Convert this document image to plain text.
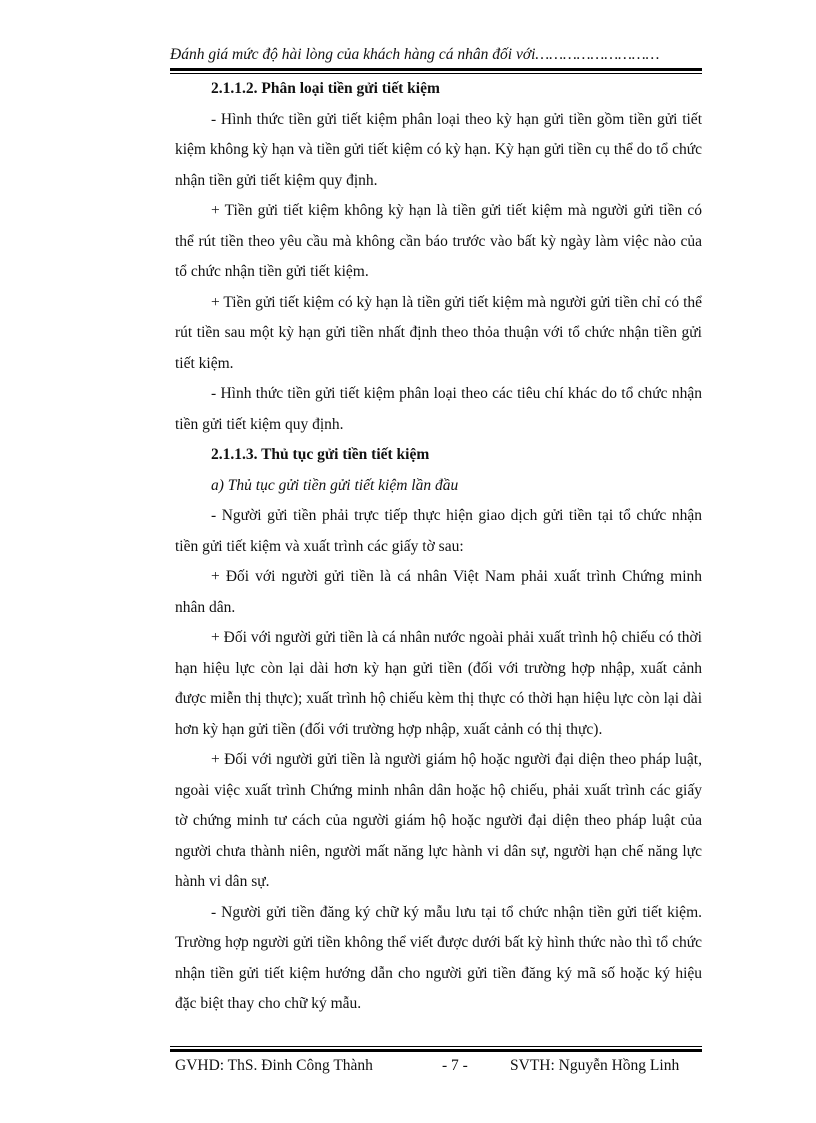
Đánh giá mức độ hài lòng của khách hàng cá nhân đối với………………………

2.1.1.2. Phân loại tiền gửi tiết kiệm

- Hình thức tiền gửi tiết kiệm phân loại theo kỳ hạn gửi tiền gồm tiền gửi tiết kiệm không kỳ hạn và tiền gửi tiết kiệm có kỳ hạn. Kỳ hạn gửi tiền cụ thể do tổ chức nhận tiền gửi tiết kiệm quy định.

+ Tiền gửi tiết kiệm không kỳ hạn là tiền gửi tiết kiệm mà người gửi tiền có thể rút tiền theo yêu cầu mà không cần báo trước vào bất kỳ ngày làm việc nào của tổ chức nhận tiền gửi tiết kiệm.

+ Tiền gửi tiết kiệm có kỳ hạn là tiền gửi tiết kiệm mà người gửi tiền chỉ có thể rút tiền sau một kỳ hạn gửi tiền nhất định theo thỏa thuận với tổ chức nhận tiền gửi tiết kiệm.

- Hình thức tiền gửi tiết kiệm phân loại theo các tiêu chí khác do tổ chức nhận tiền gửi tiết kiệm quy định.

2.1.1.3. Thủ tục gửi tiền tiết kiệm

a) Thủ tục gửi tiền gửi tiết kiệm lần đầu

- Người gửi tiền phải trực tiếp thực hiện giao dịch gửi tiền tại tổ chức nhận tiền gửi tiết kiệm và xuất trình các giấy tờ sau:

+ Đối với người gửi tiền là cá nhân Việt Nam phải xuất trình Chứng minh nhân dân.

+ Đối với người gửi tiền là cá nhân nước ngoài phải xuất trình hộ chiếu có thời hạn hiệu lực còn lại dài hơn kỳ hạn gửi tiền (đối với trường hợp nhập, xuất cảnh được miễn thị thực); xuất trình hộ chiếu kèm thị thực có thời hạn hiệu lực còn lại dài hơn kỳ hạn gửi tiền (đối với trường hợp nhập, xuất cảnh có thị thực).

+ Đối với người gửi tiền là người giám hộ hoặc người đại diện theo pháp luật, ngoài việc xuất trình Chứng minh nhân dân hoặc hộ chiếu, phải xuất trình các giấy tờ chứng minh tư cách của người giám hộ hoặc người đại diện theo pháp luật của người chưa thành niên, người mất năng lực hành vi dân sự, người hạn chế năng lực hành vi dân sự.

- Người gửi tiền đăng ký chữ ký mẫu lưu tại tổ chức nhận tiền gửi tiết kiệm. Trường hợp người gửi tiền không thể viết được dưới bất kỳ hình thức nào thì tổ chức nhận tiền gửi tiết kiệm hướng dẫn cho người gửi tiền đăng ký mã số hoặc ký hiệu đặc biệt thay cho chữ ký mẫu.

GVHD: ThS. Đinh Công Thành	- 7 -	SVTH: Nguyễn Hồng Linh
